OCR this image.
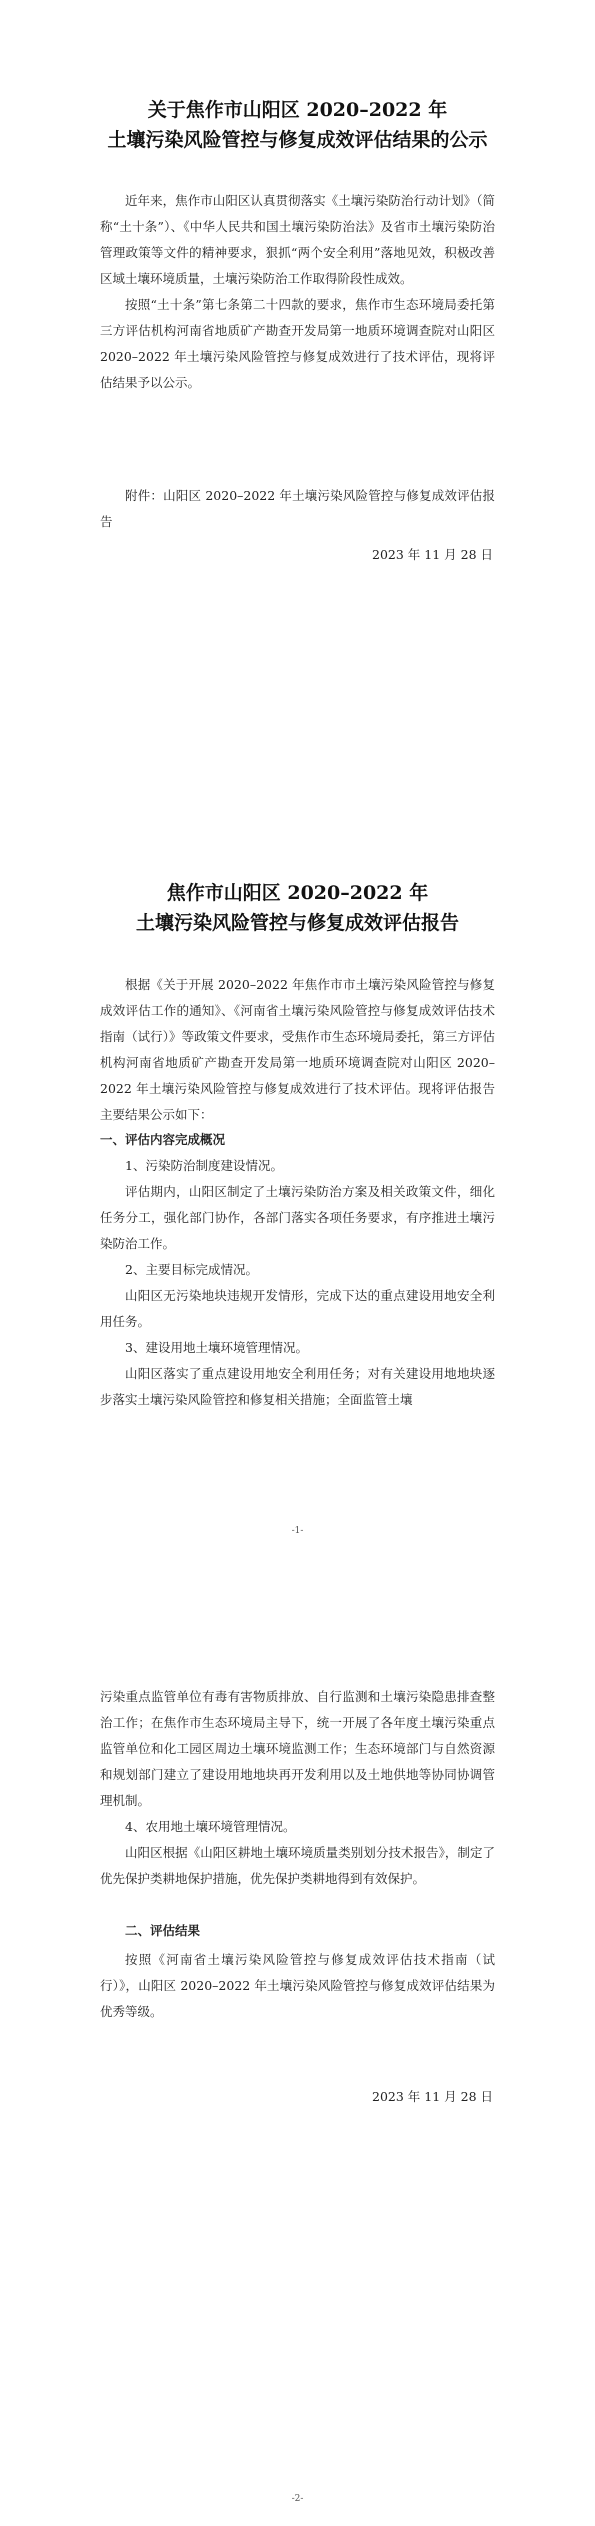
关于焦作市山阳区 2020–2022 年
土壤污染风险管控与修复成效评估结果的公示

近年来，焦作市山阳区认真贯彻落实《土壤污染防治行动计划》（简称“土十条”）、《中华人民共和国土壤污染防治法》及省市土壤污染防治管理政策等文件的精神要求，狠抓“两个安全利用”落地见效，积极改善区域土壤环境质量，土壤污染防治工作取得阶段性成效。

按照“土十条”第七条第二十四款的要求，焦作市生态环境局委托第三方评估机构河南省地质矿产勘查开发局第一地质环境调查院对山阳区 2020–2022 年土壤污染风险管控与修复成效进行了技术评估，现将评估结果予以公示。

附件：山阳区 2020–2022 年土壤污染风险管控与修复成效评估报告

2023 年 11 月 28 日
焦作市山阳区 2020–2022 年
土壤污染风险管控与修复成效评估报告

根据《关于开展 2020–2022 年焦作市市土壤污染风险管控与修复成效评估工作的通知》、《河南省土壤污染风险管控与修复成效评估技术指南（试行）》等政策文件要求，受焦作市生态环境局委托，第三方评估机构河南省地质矿产勘查开发局第一地质环境调查院对山阳区 2020–2022 年土壤污染风险管控与修复成效进行了技术评估。现将评估报告主要结果公示如下：

一、评估内容完成概况

1、污染防治制度建设情况。

评估期内，山阳区制定了土壤污染防治方案及相关政策文件，细化任务分工，强化部门协作，各部门落实各项任务要求，有序推进土壤污染防治工作。

2、主要目标完成情况。

山阳区无污染地块违规开发情形，完成下达的重点建设用地安全利用任务。

3、建设用地土壤环境管理情况。

山阳区落实了重点建设用地安全利用任务；对有关建设用地地块逐步落实土壤污染风险管控和修复相关措施；全面监管土壤

-1-

污染重点监管单位有毒有害物质排放、自行监测和土壤污染隐患排查整治工作；在焦作市生态环境局主导下，统一开展了各年度土壤污染重点监管单位和化工园区周边土壤环境监测工作；生态环境部门与自然资源和规划部门建立了建设用地地块再开发利用以及土地供地等协同协调管理机制。

4、农用地土壤环境管理情况。

山阳区根据《山阳区耕地土壤环境质量类别划分技术报告》，制定了优先保护类耕地保护措施，优先保护类耕地得到有效保护。

二、评估结果

按照《河南省土壤污染风险管控与修复成效评估技术指南（试行）》，山阳区 2020–2022 年土壤污染风险管控与修复成效评估结果为优秀等级。

2023 年 11 月 28 日
-2-
